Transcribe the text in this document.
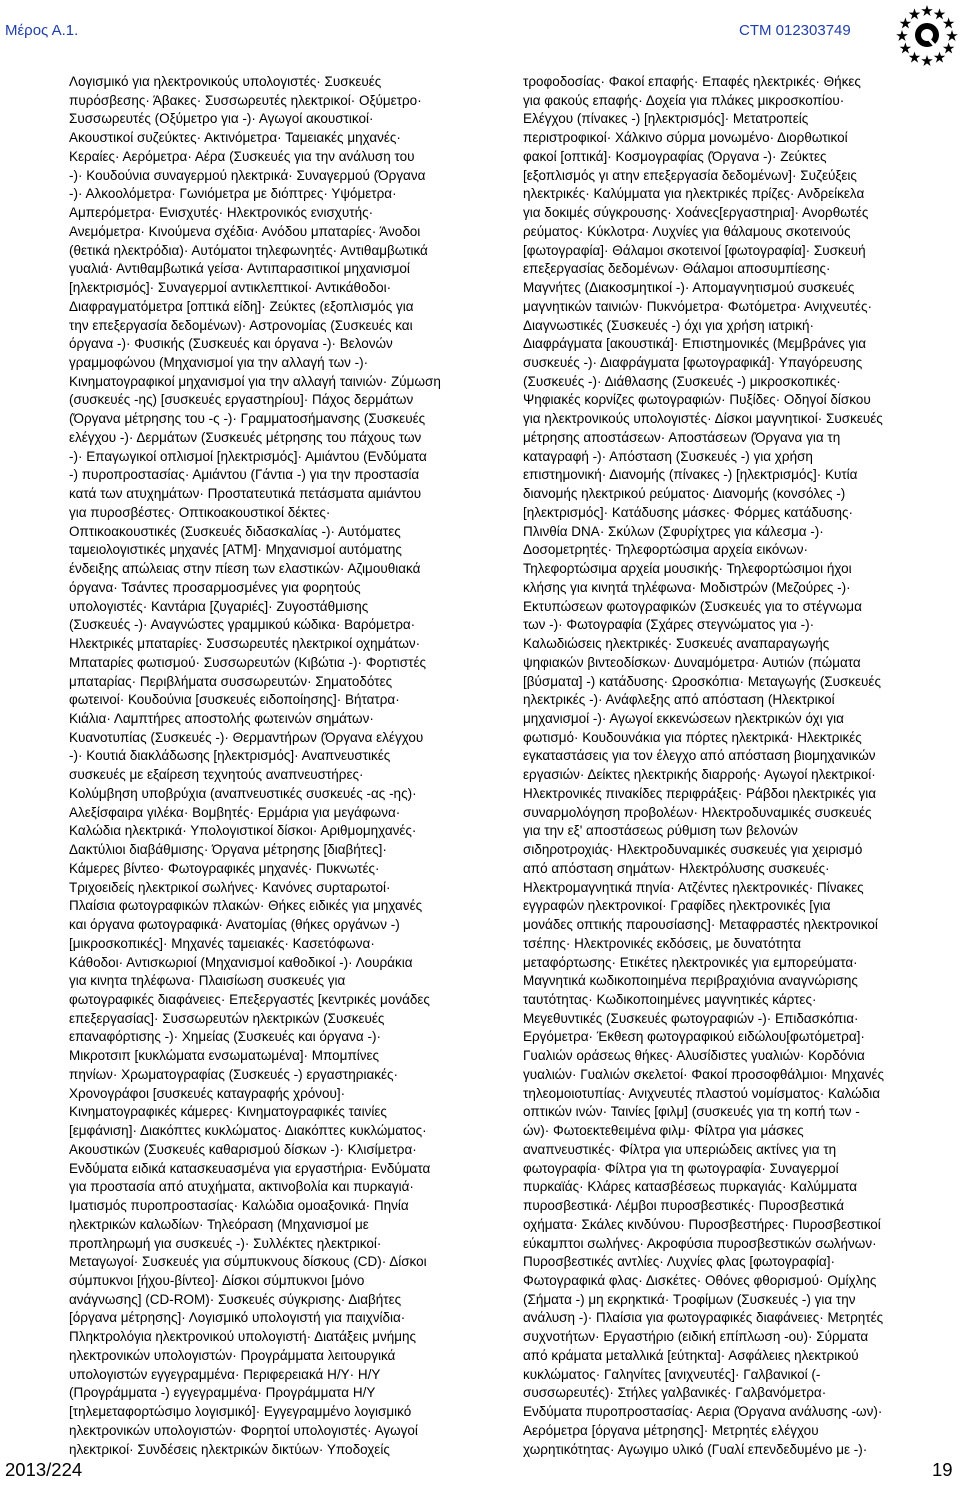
Μέρος Α.1.	CTM 012303749
Λογισμικό για ηλεκτρονικούς υπολογιστές· Συσκευές
πυρόσβεσης· Άβακες· Συσσωρευτές ηλεκτρικοί· Οξύμετρο·
Συσσωρευτές (Οξύμετρο για -)· Αγωγοί ακουστικοί·
Ακουστικοί συζεύκτες· Ακτινόμετρα· Ταμειακές μηχανές·
Κεραίες· Αερόμετρα· Αέρα (Συσκευές για την ανάλυση του
-)· Κουδούνια συναγερμού ηλεκτρικά· Συναγερμού (Όργανα
-)· Αλκοολόμετρα· Γωνιόμετρα με διόπτρες· Υψόμετρα·
Αμπερόμετρα· Ενισχυτές· Ηλεκτρονικός ενισχυτής·
Ανεμόμετρα· Κινούμενα σχέδια· Ανόδου μπαταρίες· Άνοδοι
(θετικά ηλεκτρόδια)· Αυτόματοι τηλεφωνητές· Αντιθαμβωτικά
γυαλιά· Αντιθαμβωτικά γείσα· Αντιπαρασιτικοί μηχανισμοί
[ηλεκτρισμός]· Συναγερμοί αντικλεπτικοί· Αντικάθοδοι·
Διαφραγματόμετρα [οπτικά είδη]· Ζεύκτες (εξοπλισμός για
την επεξεργασία δεδομένων)· Αστρονομίας (Συσκευές και
όργανα -)· Φυσικής (Συσκευές και όργανα -)· Βελονών
γραμμοφώνου (Μηχανισμοί για την αλλαγή των -)·
Κινηματογραφικοί μηχανισμοί για την αλλαγή ταινιών· Ζύμωση
(συσκευές -ης) [συσκευές εργαστηρίου]· Πάχος δερμάτων
(Όργανα μέτρησης του -ς -)· Γραμματοσήμανσης (Συσκευές
ελέγχου -)· Δερμάτων (Συσκευές μέτρησης του πάχους των
-)· Επαγωγικοί οπλισμοί [ηλεκτρισμός]· Αμιάντου (Ενδύματα
-) πυροπροστασίας· Αμιάντου (Γάντια -) για την προστασία
κατά των ατυχημάτων· Προστατευτικά πετάσματα αμιάντου
για πυροσβέστες· Οπτικοακουστικοί δέκτες·
Οπτικοακουστικές (Συσκευές διδασκαλίας -)· Αυτόματες
ταμειολογιστικές μηχανές [ATM]· Μηχανισμοί αυτόματης
ένδειξης απώλειας στην πίεση των ελαστικών· Αζιμουθιακά
όργανα· Τσάντες προσαρμοσμένες για φορητούς
υπολογιστές· Καντάρια [ζυγαριές]· Ζυγοστάθμισης
(Συσκευές -)· Αναγνώστες γραμμικού κώδικα· Βαρόμετρα·
Ηλεκτρικές μπαταρίες· Συσσωρευτές ηλεκτρικοί οχημάτων·
Μπαταρίες φωτισμού· Συσσωρευτών (Κιβώτια -)· Φορτιστές
μπαταρίας· Περιβλήματα συσσωρευτών· Σηματοδότες
φωτεινοί· Κουδούνια [συσκευές ειδοποίησης]· Βήτατρα·
Κιάλια· Λαμπτήρες αποστολής φωτεινών σημάτων·
Κυανοτυπίας (Συσκευές -)· Θερμαντήρων (Όργανα ελέγχου
-)· Κουτιά διακλάδωσης [ηλεκτρισμός]· Αναπνευστικές
συσκευές με εξαίρεση τεχνητούς αναπνευστήρες·
Κολύμβηση υποβρύχια (αναπνευστικές συσκευές -ας -ης)·
Αλεξίσφαιρα γιλέκα· Βομβητές· Ερμάρια για μεγάφωνα·
Καλώδια ηλεκτρικά· Υπολογιστικοί δίσκοι· Αριθμομηχανές·
Δακτύλιοι διαβάθμισης· Όργανα μέτρησης [διαβήτες]·
Κάμερες βίντεο· Φωτογραφικές μηχανές· Πυκνωτές·
Τριχοειδείς ηλεκτρικοί σωλήνες· Κανόνες συρταρωτοί·
Πλαίσια φωτογραφικών πλακών· Θήκες ειδικές για μηχανές
και όργανα φωτογραφικά· Ανατομίας (θήκες οργάνων -)
[μικροσκοπικές]· Μηχανές ταμειακές· Κασετόφωνα·
Κάθοδοι· Αντισκωριοί (Μηχανισμοί καθοδικοί -)· Λουράκια
για κινητα τηλέφωνα· Πλαισίωση συσκευές για
φωτογραφικές διαφάνειες· Επεξεργαστές [κεντρικές μονάδες
επεξεργασίας]· Συσσωρευτών ηλεκτρικών (Συσκευές
επαναφόρτισης -)· Χημείας (Συσκευές και όργανα -)·
Μικροτσιπ [κυκλώματα ενσωματωμένα]· Μπομπίνες
πηνίων· Χρωματογραφίας (Συσκευές -) εργαστηριακές·
Χρονογράφοι [συσκευές καταγραφής χρόνου]·
Κινηματογραφικές κάμερες· Κινηματογραφικές ταινίες
[εμφάνιση]· Διακόπτες κυκλώματος· Διακόπτες κυκλώματος·
Ακουστικών (Συσκευές καθαρισμού δίσκων -)· Κλισίμετρα·
Ενδύματα ειδικά κατασκευασμένα για εργαστήρια· Ενδύματα
για προστασία από ατυχήματα, ακτινοβολία και πυρκαγιά·
Ιματισμός πυροπροστασίας· Καλώδια ομοαξονικά· Πηνία
ηλεκτρικών καλωδίων· Τηλεόραση (Μηχανισμοί με
προπληρωμή για συσκευές -)· Συλλέκτες ηλεκτρικοί·
Μεταγωγοί· Συσκευές για σύμπυκνους δίσκους (CD)· Δίσκοι
σύμπυκνοι [ήχου-βίντεο]· Δίσκοι σύμπυκνοι [μόνο
ανάγνωσης] (CD-ROM)· Συσκευές σύγκρισης· Διαβήτες
[όργανα μέτρησης]· Λογισμικό υπολογιστή για παιχνίδια·
Πληκτρολόγια ηλεκτρονικού υπολογιστή· Διατάξεις μνήμης
ηλεκτρονικών υπολογιστών· Προγράμματα λειτουργικά
υπολογιστών εγγεγραμμένα· Περιφερειακά Η/Υ· Η/Υ
(Προγράμματα -) εγγεγραμμένα· Προγράμματα Η/Υ
[τηλεμεταφορτώσιμο λογισμικό]· Εγγεγραμμένο λογισμικό
ηλεκτρονικών υπολογιστών· Φορητοί υπολογιστές· Αγωγοί
ηλεκτρικοί· Συνδέσεις ηλεκτρικών δικτύων· Υποδοχείς
τροφοδοσίας· Φακοί επαφής· Επαφές ηλεκτρικές· Θήκες
για φακούς επαφής· Δοχεία για πλάκες μικροσκοπίου·
Ελέγχου (πίνακες -) [ηλεκτρισμός]· Μετατροπείς
περιστροφικοί· Χάλκινο σύρμα μονωμένο· Διορθωτικοί
φακοί [οπτικά]· Κοσμογραφίας (Όργανα -)· Ζεύκτες
[εξοπλισμός γι ατην επεξεργασία δεδομένων]· Συζεύξεις
ηλεκτρικές· Καλύμματα για ηλεκτρικές πρίζες· Ανδρείκελα
για δοκιμές σύγκρουσης· Χοάνες[εργαστηρια]· Ανορθωτές
ρεύματος· Κύκλοτρα· Λυχνίες για θάλαμους σκοτεινούς
[φωτογραφία]· Θάλαμοι σκοτεινοί [φωτογραφία]· Συσκευή
επεξεργασίας δεδομένων· Θάλαμοι αποσυμπίεσης·
Μαγνήτες (Διακοσμητικοί -)· Απομαγνητισμού συσκευές
μαγνητικών ταινιών· Πυκνόμετρα· Φωτόμετρα· Ανιχνευτές·
Διαγνωστικές (Συσκευές -) όχι για χρήση ιατρική·
Διαφράγματα [ακουστικά]· Επιστημονικές (Μεμβράνες για
συσκευές -)· Διαφράγματα [φωτογραφικά]· Υπαγόρευσης
(Συσκευές -)· Διάθλασης (Συσκευές -) μικροσκοπικές·
Ψηφιακές κορνίζες φωτογραφιών· Πυξίδες· Οδηγοί δίσκου
για ηλεκτρονικούς υπολογιστές· Δίσκοι μαγνητικοί· Συσκευές
μέτρησης αποστάσεων· Αποστάσεων (Όργανα για τη
καταγραφή -)· Απόσταση (Συσκευές -) για χρήση
επιστημονική· Διανομής (πίνακες -) [ηλεκτρισμός]· Κυτία
διανομής ηλεκτρικού ρεύματος· Διανομής (κονσόλες -)
[ηλεκτρισμός]· Κατάδυσης μάσκες· Φόρμες κατάδυσης·
Πλινθία DNA· Σκύλων (Σφυρίχτρες για κάλεσμα -)·
Δοσομετρητές· Τηλεφορτώσιμα αρχεία εικόνων·
Τηλεφορτώσιμα αρχεία μουσικής· Τηλεφορτώσιμοι ήχοι
κλήσης για κινητά τηλέφωνα· Μοδιστρών (Μεζούρες -)·
Εκτυπώσεων φωτογραφικών (Συσκευές για το στέγνωμα
των -)· Φωτογραφία (Σχάρες στεγνώματος για -)·
Καλωδιώσεις ηλεκτρικές· Συσκευές αναπαραγωγής
ψηφιακών βιντεοδίσκων· Δυναμόμετρα· Αυτιών (πώματα
[βύσματα] -) κατάδυσης· Ωροσκόπια· Μεταγωγής (Συσκευές
ηλεκτρικές -)· Ανάφλεξης από απόσταση (Ηλεκτρικοί
μηχανισμοί -)· Αγωγοί εκκενώσεων ηλεκτρικών όχι για
φωτισμό· Κουδουνάκια για πόρτες ηλεκτρικά· Ηλεκτρικές
εγκαταστάσεις για τον έλεγχο από απόσταση βιομηχανικών
εργασιών· Δείκτες ηλεκτρικής διαρροής· Αγωγοί ηλεκτρικοί·
Ηλεκτρονικές πινακίδες περιφράξεις· Ράβδοι ηλεκτρικές για
συναρμολόγηση προβολέων· Ηλεκτροδυναμικές συσκευές
για την εξ' αποστάσεως ρύθμιση των βελονών
σιδηροτροχιάς· Ηλεκτροδυναμικές συσκευές για χειρισμό
από απόσταση σημάτων· Ηλεκτρόλυσης συσκευές·
Ηλεκτρομαγνητικά πηνία· Ατζέντες ηλεκτρονικές· Πίνακες
εγγραφών ηλεκτρονικοί· Γραφίδες ηλεκτρονικές [για
μονάδες οπτικής παρουσίασης]· Μεταφραστές ηλεκτρονικοί
τσέπης· Ηλεκτρονικές εκδόσεις, με δυνατότητα
μεταφόρτωσης· Ετικέτες ηλεκτρονικές για εμπορεύματα·
Μαγνητικά κωδικοποιημένα περιβραχιόνια αναγνώρισης
ταυτότητας· Κωδικοποιημένες μαγνητικές κάρτες·
Μεγεθυντικές (Συσκευές φωτογραφιών -)· Επιδασκόπια·
Εργόμετρα· Έκθεση φωτογραφικού ειδώλου[φωτόμετρα]·
Γυαλιών οράσεως θήκες· Αλυσίδιστες γυαλιών· Κορδόνια
γυαλιών· Γυαλιών σκελετοί· Φακοί προσοφθάλμιοι· Μηχανές
τηλεομοιοτυπίας· Ανιχνευτές πλαστού νομίσματος· Καλώδια
οπτικών ινών· Ταινίες [φιλμ] (συσκευές για τη κοπή των -
ών)· Φωτοεκτεθειμένα φιλμ· Φίλτρα για μάσκες
αναπνευστικές· Φίλτρα για υπεριώδεις ακτίνες για τη
φωτογραφία· Φίλτρα για τη φωτογραφία· Συναγερμοί
πυρκαϊάς· Κλάρες κατασβέσεως πυρκαγιάς· Καλύμματα
πυροσβεστικά· Λέμβοι πυροσβεστικές· Πυροσβεστικά
οχήματα· Σκάλες κινδύνου· Πυροσβεστήρες· Πυροσβεστικοί
εύκαμπτοι σωλήνες· Ακροφύσια πυροσβεστικών σωλήνων·
Πυροσβεστικές αντλίες· Λυχνίες φλας [φωτογραφία]·
Φωτογραφικά φλας· Δισκέτες· Οθόνες φθορισμού· Ομίχλης
(Σήματα -) μη εκρηκτικά· Τροφίμων (Συσκευές -) για την
ανάλυση -)· Πλαίσια για φωτογραφικές διαφάνειες· Μετρητές
συχνοτήτων· Εργαστήριο (ειδική επίπλωση -ου)· Σύρματα
από κράματα μεταλλικά [εύτηκτα]· Ασφάλειες ηλεκτρικού
κυκλώματος· Γαληνίτες [ανιχνευτές]· Γαλβανικοί (-
συσσωρευτές)· Στήλες γαλβανικές· Γαλβανόμετρα·
Ενδύματα πυροπροστασίας· Αερια (Όργανα ανάλυσης -ων)·
Αερόμετρα [όργανα μέτρησης]· Μετρητές ελέγχου
χωρητικότητας· Αγωγιμο υλικό (Γυαλί επενδεδυμένο με -)·
2013/224	19
